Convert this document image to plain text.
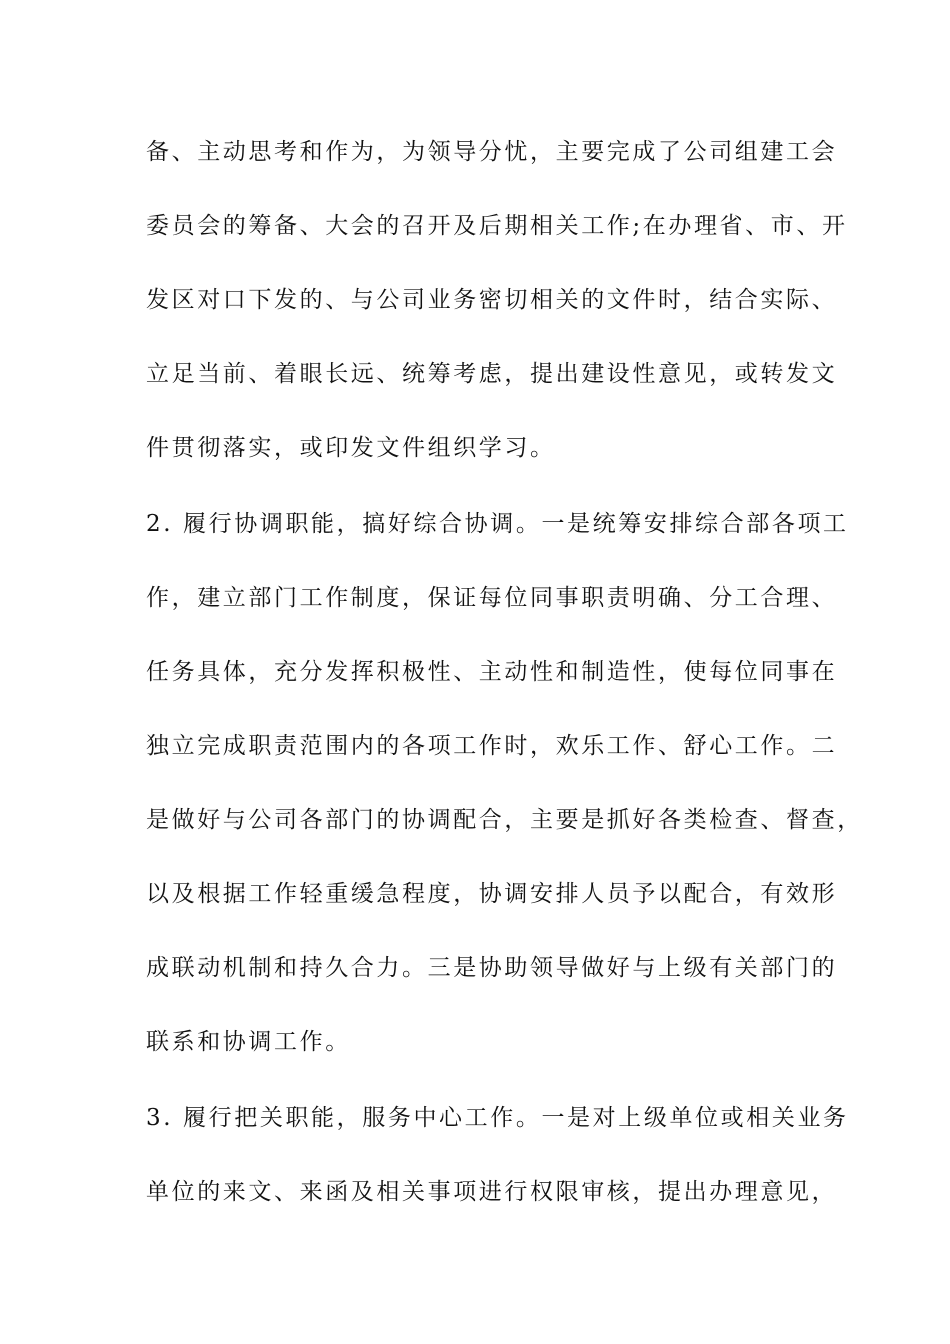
备、主动思考和作为，为领导分忧，主要完成了公司组建工会
委员会的筹备、大会的召开及后期相关工作;在办理省、市、开
发区对口下发的、与公司业务密切相关的文件时，结合实际、
立足当前、着眼长远、统筹考虑，提出建设性意见，或转发文
件贯彻落实，或印发文件组织学习。
2. 履行协调职能，搞好综合协调。一是统筹安排综合部各项工
作，建立部门工作制度，保证每位同事职责明确、分工合理、
任务具体，充分发挥积极性、主动性和制造性，使每位同事在
独立完成职责范围内的各项工作时，欢乐工作、舒心工作。二
是做好与公司各部门的协调配合，主要是抓好各类检查、督查，
以及根据工作轻重缓急程度，协调安排人员予以配合，有效形
成联动机制和持久合力。三是协助领导做好与上级有关部门的
联系和协调工作。
3. 履行把关职能，服务中心工作。一是对上级单位或相关业务
单位的来文、来函及相关事项进行权限审核，提出办理意见，
